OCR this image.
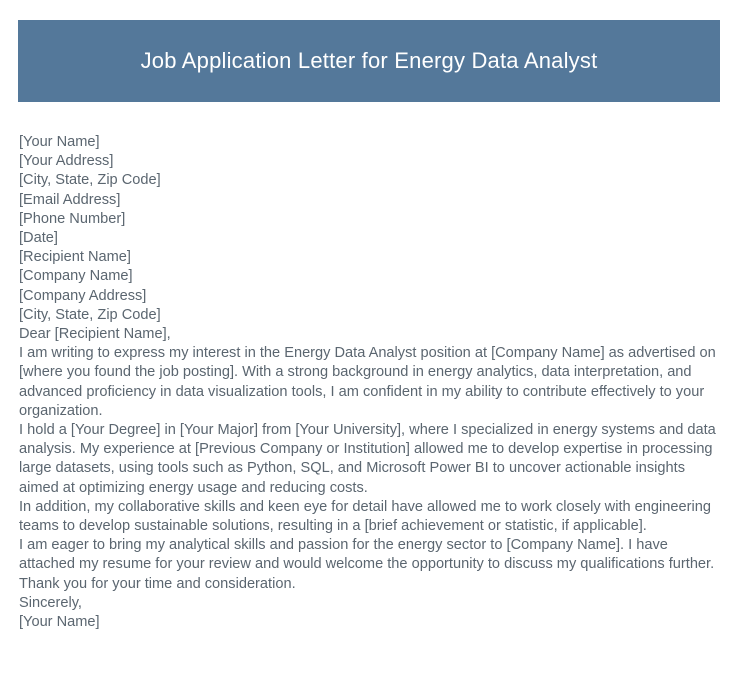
Job Application Letter for Energy Data Analyst
[Your Name]
[Your Address]
[City, State, Zip Code]
[Email Address]
[Phone Number]
[Date]
[Recipient Name]
[Company Name]
[Company Address]
[City, State, Zip Code]
Dear [Recipient Name],

I am writing to express my interest in the Energy Data Analyst position at [Company Name] as advertised on [where you found the job posting]. With a strong background in energy analytics, data interpretation, and advanced proficiency in data visualization tools, I am confident in my ability to contribute effectively to your organization.

I hold a [Your Degree] in [Your Major] from [Your University], where I specialized in energy systems and data analysis. My experience at [Previous Company or Institution] allowed me to develop expertise in processing large datasets, using tools such as Python, SQL, and Microsoft Power BI to uncover actionable insights aimed at optimizing energy usage and reducing costs.

In addition, my collaborative skills and keen eye for detail have allowed me to work closely with engineering teams to develop sustainable solutions, resulting in a [brief achievement or statistic, if applicable].

I am eager to bring my analytical skills and passion for the energy sector to [Company Name]. I have attached my resume for your review and would welcome the opportunity to discuss my qualifications further.

Thank you for your time and consideration.
Sincerely,
[Your Name]
